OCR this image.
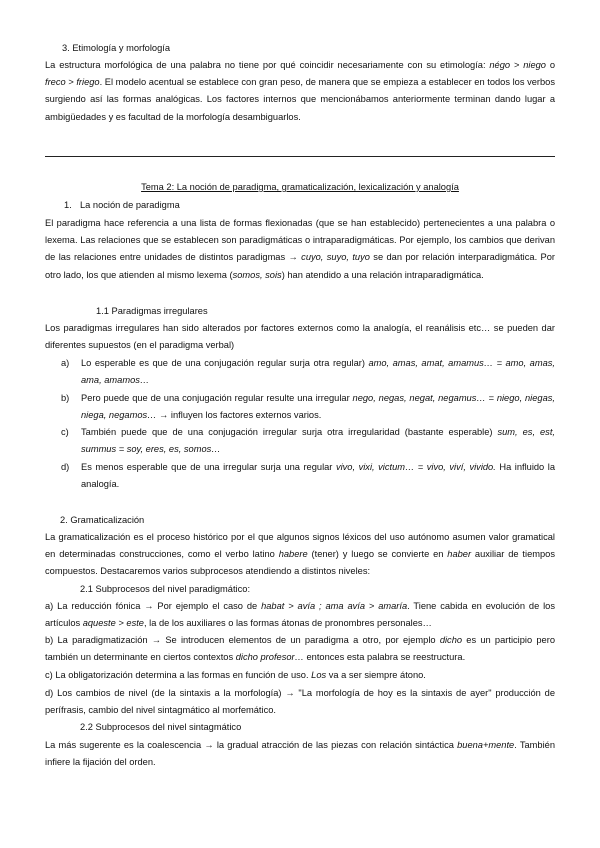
3. Etimología y morfología

La estructura morfológica de una palabra no tiene por qué coincidir necesariamente con su etimología: négo > niego o freco > friego. El modelo acentual se establece con gran peso, de manera que se empieza a establecer en todos los verbos surgiendo así las formas analógicas. Los factores internos que mencionábamos anteriormente terminan dando lugar a ambigüedades y es facultad de la morfología desambiguarlos.

Tema 2: La noción de paradigma, gramaticalización, lexicalización y analogía

1. La noción de paradigma

El paradigma hace referencia a una lista de formas flexionadas (que se han establecido) pertenecientes a una palabra o lexema. Las relaciones que se establecen son paradigmáticas o intraparadigmáticas. Por ejemplo, los cambios que derivan de las relaciones entre unidades de distintos paradigmas → cuyo, suyo, tuyo se dan por relación interparadigmática. Por otro lado, los que atienden al mismo lexema (somos, sois) han atendido a una relación intraparadigmática.

1.1 Paradigmas irregulares

Los paradigmas irregulares han sido alterados por factores externos como la analogía, el reanálisis etc… se pueden dar diferentes supuestos (en el paradigma verbal)

a)	Lo esperable es que de una conjugación regular surja otra regular) amo, amas, amat, amamus… = amo, amas, ama, amamos…
b)	Pero puede que de una conjugación regular resulte una irregular nego, negas, negat, negamus… = niego, niegas, niega, negamos… → influyen los factores externos varios.
c)	También puede que de una conjugación irregular surja otra irregularidad (bastante esperable) sum, es, est, summus = soy, eres, es, somos…
d)	Es menos esperable que de una irregular surja una regular vivo, vixi, victum… = vivo, viví, vivido. Ha influido la analogía.

2. Gramaticalización

La gramaticalización es el proceso histórico por el que algunos signos léxicos del uso autónomo asumen valor gramatical en determinadas construcciones, como el verbo latino habere (tener) y luego se convierte en haber auxiliar de tiempos compuestos. Destacaremos varios subprocesos atendiendo a distintos niveles:

2.1 Subprocesos del nivel paradigmático:

a) La reducción fónica → Por ejemplo el caso de habat > avía ; ama avía > amaría. Tiene cabida en evolución de los artículos aqueste > este, la de los auxiliares o las formas átonas de pronombres personales…

b) La paradigmatización → Se introducen elementos de un paradigma a otro, por ejemplo dicho es un participio pero también un determinante en ciertos contextos dicho profesor… entonces esta palabra se reestructura.

c) La obligatorización determina a las formas en función de uso. Los va a ser siempre átono.

d) Los cambios de nivel (de la sintaxis a la morfología) → "La morfología de hoy es la sintaxis de ayer" producción de perífrasis, cambio del nivel sintagmático al morfemático.

2.2 Subprocesos del nivel sintagmático

La más sugerente es la coalescencia → la gradual atracción de las piezas con relación sintáctica buena+mente. También infiere la fijación del orden.
